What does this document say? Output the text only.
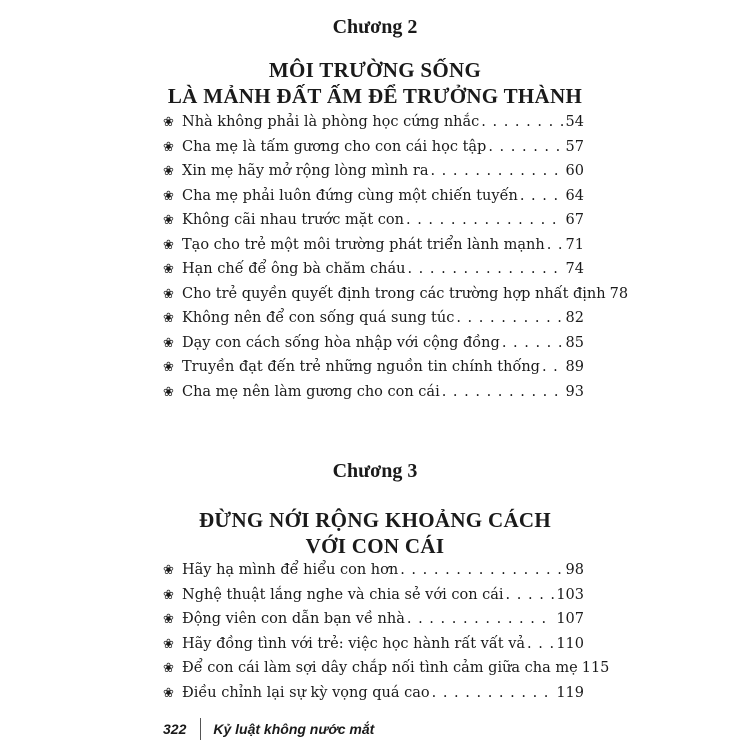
Chương 2
MÔI TRƯỜNG SỐNG
LÀ MẢNH ĐẤT ẤM ĐỂ TRƯỞNG THÀNH
❀ Nhà không phải là phòng học cứng nhắc . . .	54
❀ Cha mẹ là tấm gương cho con cái học tập . . .	57
❀ Xin mẹ hãy mở rộng lòng mình ra . . .	60
❀ Cha mẹ phải luôn đứng cùng một chiến tuyến . . .	64
❀ Không cãi nhau trước mặt con . . .	67
❀ Tạo cho trẻ một môi trường phát triển lành mạnh . . . 71
❀ Hạn chế để ông bà chăm cháu . . .	74
❀ Cho trẻ quyền quyết định trong các trường hợp nhất định 78
❀ Không nên để con sống quá sung túc . . .	82
❀ Dạy con cách sống hòa nhập với cộng đồng . . .	85
❀ Truyền đạt đến trẻ những nguồn tin chính thống . . . 89
❀ Cha mẹ nên làm gương cho con cái . . .	93
Chương 3
ĐỪNG NỚI RỘNG KHOẢNG CÁCH
VỚI CON CÁI
❀ Hãy hạ mình để hiểu con hơn . . .	98
❀ Nghệ thuật lắng nghe và chia sẻ với con cái . . .	103
❀ Động viên con dẫn bạn về nhà . . .	107
❀ Hãy đồng tình với trẻ: việc học hành rất vất vả . . . 110
❀ Để con cái làm sợi dây chắp nối tình cảm giữa cha mẹ 115
❀ Điều chỉnh lại sự kỳ vọng quá cao . . .	119
322 Kỷ luật không nước mắt
